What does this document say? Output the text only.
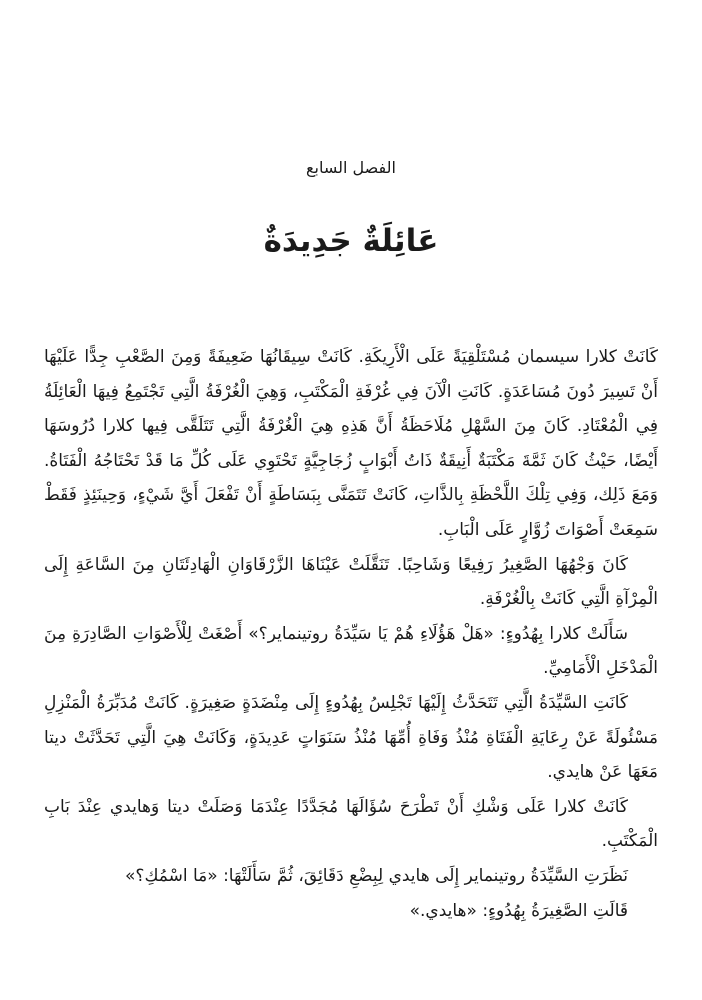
الفصل السابع
عَائِلَةٌ جَدِيدَةٌ

كَانَتْ كلارا سيسمان مُسْتَلْقِيَةً عَلَى الْأَرِيكَةِ. كَانَتْ سِيقَانُهَا ضَعِيفَةً وَمِنَ الصَّعْبِ جِدًّا عَلَيْهَا أَنْ تَسِيرَ دُونَ مُسَاعَدَةٍ. كَانَتِ الْآنَ فِي غُرْفَةِ الْمَكْتَبِ، وَهِيَ الْغُرْفَةُ الَّتِي تَجْتَمِعُ فِيهَا الْعَائِلَةُ فِي الْمُعْتَادِ. كَانَ مِنَ السَّهْلِ مُلَاحَظَةُ أَنَّ هَذِهِ هِيَ الْغُرْفَةُ الَّتِي تَتَلَقَّى فِيها كلارا دُرُوسَهَا أَيْضًا، حَيْثُ كَانَ ثَمَّةَ مَكْتَبَةٌ أَنِيقَةٌ ذَاتُ أَبْوَابٍ زُجَاجِيَّةٍ تَحْتَوِي عَلَى كُلِّ مَا قَدْ تَحْتَاجُهُ الْفَتَاةُ. وَمَعَ ذَلِك، وَفِي تِلْكَ اللَّحْظَةِ بِالذَّاتِ، كَانَتْ تَتَمَنَّى بِبَسَاطَةٍ أَنْ تَفْعَلَ أَيَّ شَيْءٍ، وَحِينَئِذٍ فَقَطْ سَمِعَتْ أَصْوَاتَ زُوَّارٍ عَلَى الْبَابِ.

كَانَ وَجْهُهَا الصَّغِيرُ رَفِيعًا وَشَاحِبًا. تَنَقَّلَتْ عَيْنَاهَا الزَّرْقَاوَانِ الْهَادِئَتَانِ مِنَ السَّاعَةِ إِلَى الْمِرْآةِ الَّتِي كَانَتْ بِالْغُرْفَةِ.

سَأَلَتْ كلارا بِهُدُوءٍ: «هَلْ هَؤُلَاءِ هُمْ يَا سَيِّدَةُ روتينماير؟» أَصْغَتْ لِلْأَصْوَاتِ الصَّادِرَةِ مِنَ الْمَدْخَلِ الْأَمَامِيِّ.

كَانَتِ السَّيِّدَةُ الَّتِي تَتَحَدَّثُ إِلَيْهَا تَجْلِسُ بِهُدُوءٍ إِلَى مِنْضَدَةٍ صَغِيرَةٍ. كَانَتْ مُدَبِّرَةُ الْمَنْزِلِ مَسْئُولَةً عَنْ رِعَايَةِ الْفَتَاةِ مُنْذُ وَفَاةِ أُمِّهَا مُنْذُ سَنَوَاتٍ عَدِيدَةٍ، وَكَانَتْ هِيَ الَّتِي تَحَدَّثَتْ ديتا مَعَهَا عَنْ هايدي.

كَانَتْ كلارا عَلَى وَشْكِ أَنْ تَطْرَحَ سُؤَالَهَا مُجَدَّدًا عِنْدَمَا وَصَلَتْ ديتا وَهايدي عِنْدَ بَابِ الْمَكْتَبِ.

نَظَرَتِ السَّيِّدَةُ روتينماير إِلَى هايدي لِبِضْعِ دَقَائِقَ، ثُمَّ سَأَلَتْهَا: «مَا اسْمُكِ؟»

قَالَتِ الصَّغِيرَةُ بِهُدُوءٍ: «هايدي.»
